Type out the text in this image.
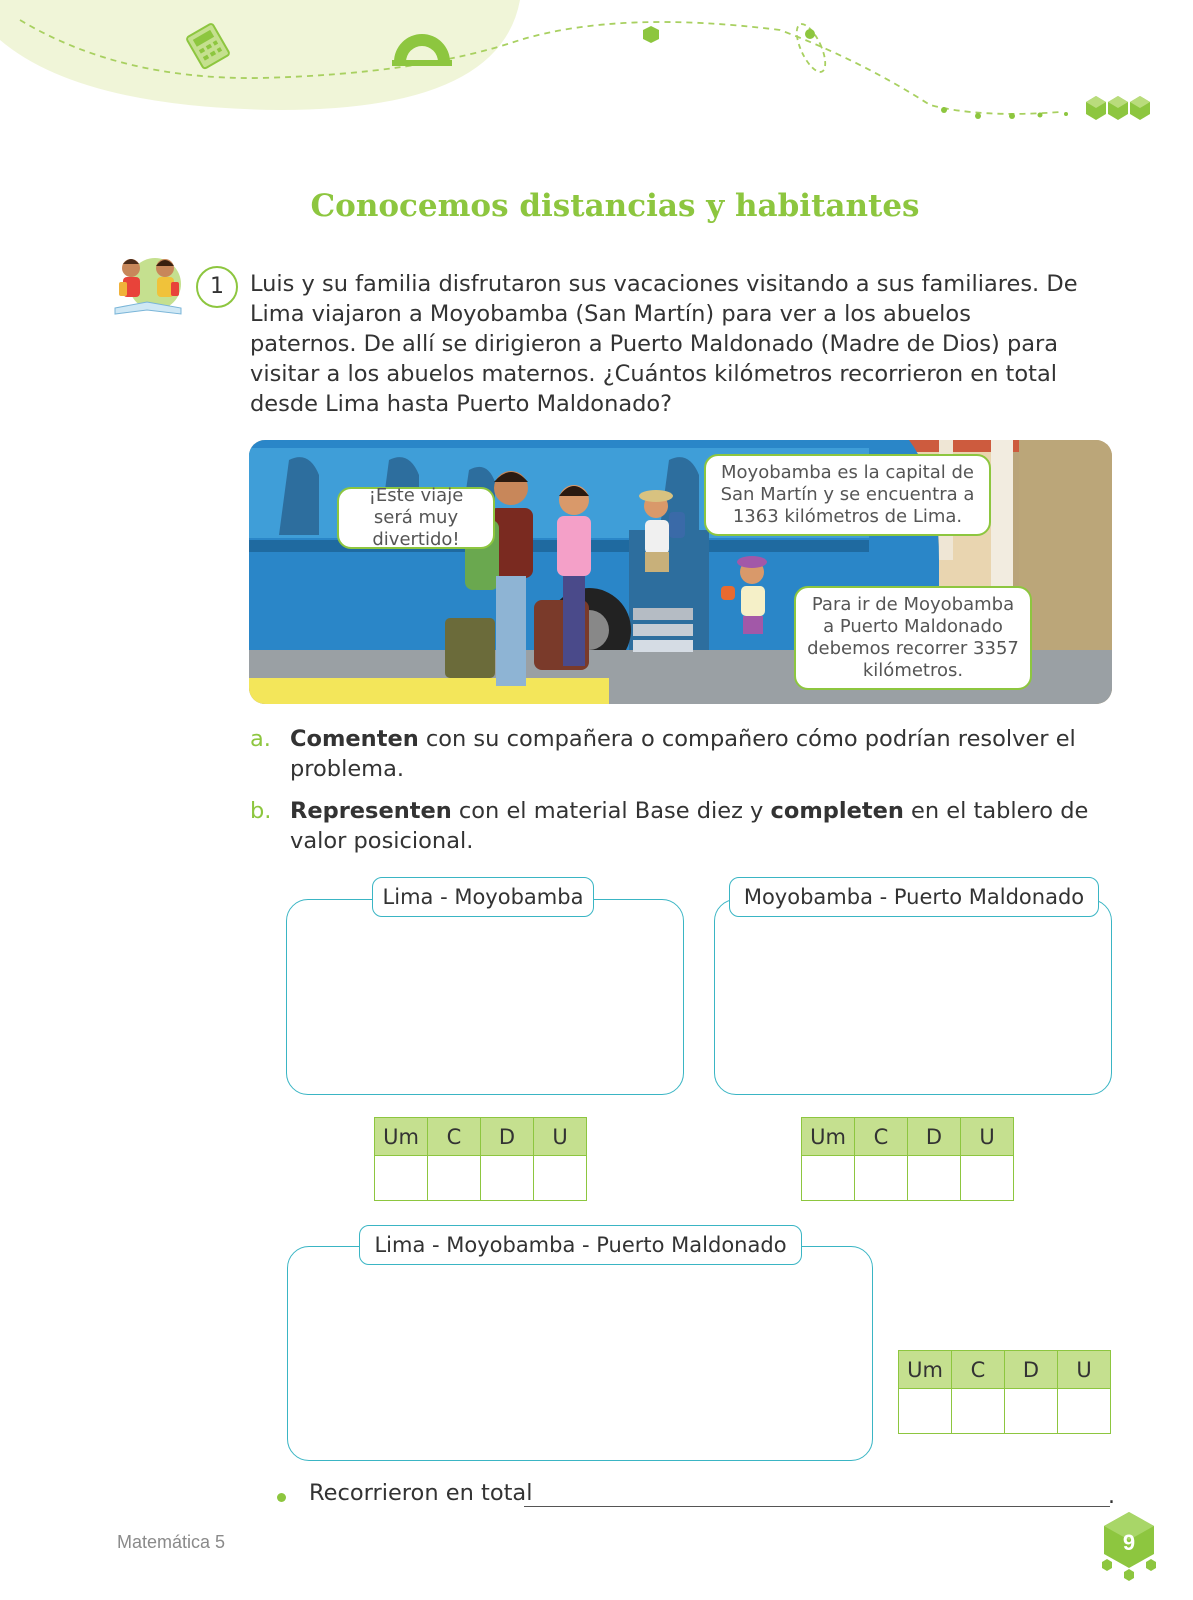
Conocemos distancias y habitantes
1	Luis y su familia disfrutaron sus vacaciones visitando a sus familiares. De Lima viajaron a Moyobamba (San Martín) para ver a los abuelos paternos. De allí se dirigieron a Puerto Maldonado (Madre de Dios) para visitar a los abuelos maternos. ¿Cuántos kilómetros recorrieron en total desde Lima hasta Puerto Maldonado?

¡Este viaje será muy divertido!
Moyobamba es la capital de San Martín y se encuentra a 1363 kilómetros de Lima.
Para ir de Moyobamba a Puerto Maldonado debemos recorrer 3357 kilómetros.
a. Comenten con su compañera o compañero cómo podrían resolver el problema.
b. Representen con el material Base diez y completen en el tablero de valor posicional.
Lima - Moyobamba	Moyobamba - Puerto Maldonado
Lima - Moyobamba - Puerto Maldonado
Um	C	D	U
				Um	C	D	U

Um	C	D	U

Recorrieron en total	.
Matemática 5	9
